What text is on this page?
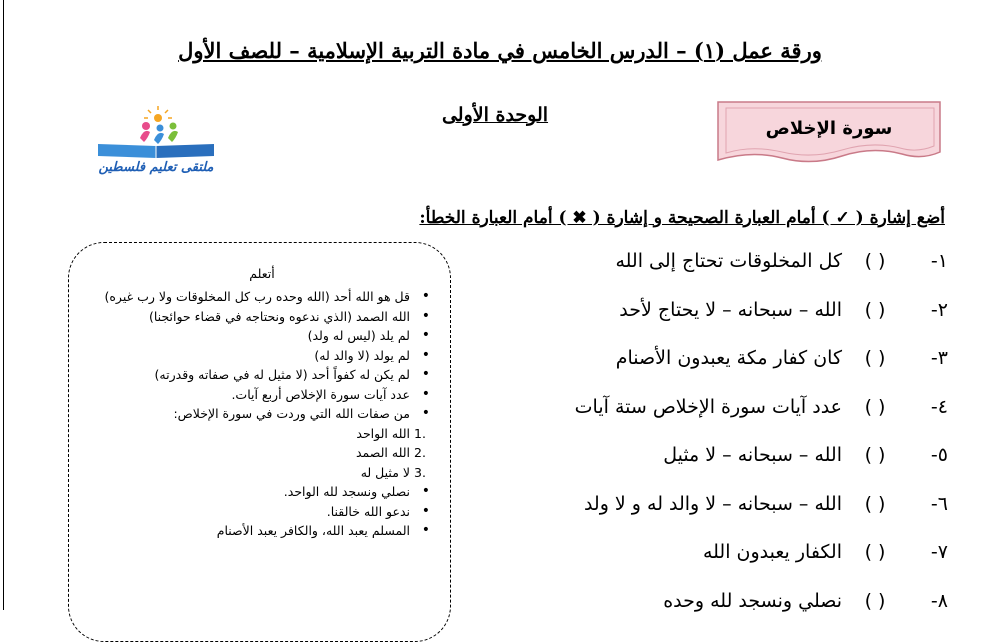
ورقة عمل (١) – الدرس الخامس في مادة التربية الإسلامية – للصف الأول
ملتقى تعليم فلسطين
الوحدة الأولى
سورة الإخلاص
أضع إشارة ( ✓ ) أمام العبارة الصحيحة و إشارة ( ✖ ) أمام العبارة الخطأ:
١-( )كل المخلوقات تحتاج إلى الله
٢-( )الله – سبحانه – لا يحتاج لأحد
٣-( )كان كفار مكة يعبدون الأصنام
٤-( )عدد آيات سورة الإخلاص ستة آيات
٥-( )الله – سبحانه – لا مثيل
٦-( )الله – سبحانه – لا والد له و لا ولد
٧-( )الكفار يعبدون الله
٨-( )نصلي ونسجد لله وحده
أتعلم
• قل هو الله أحد (الله وحده رب كل المخلوقات ولا رب غيره)
• الله الصمد (الذي ندعوه ونحتاجه في قضاء حوائجنا)
• لم يلد (ليس له ولد)
• لم يولد (لا والد له)
• لم يكن له كفواً أحد (لا مثيل له في صفاته وقدرته)
• عدد آيات سورة الإخلاص أربع آيات.
• من صفات الله التي وردت في سورة الإخلاص:
1.
الله الواحد
2.
الله الصمد
3.
لا مثيل له
• نصلي ونسجد لله الواحد.
• ندعو الله خالقنا.
• المسلم يعبد الله، والكافر يعبد الأصنام
